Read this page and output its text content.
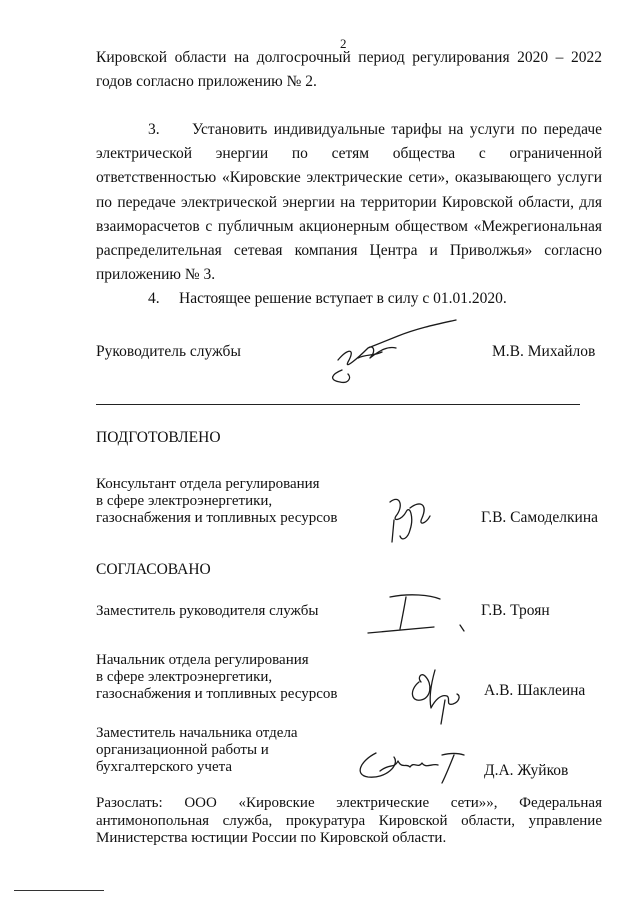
2

Кировской области на долгосрочный период регулирования 2020 – 2022 годов согласно приложению № 2.

3. Установить индивидуальные тарифы на услуги по передаче электрической энергии по сетям общества с ограниченной ответственностью «Кировские электрические сети», оказывающего услуги по передаче электрической энергии на территории Кировской области, для взаиморасчетов с публичным акционерным обществом «Межрегиональная распределительная сетевая компания Центра и Приволжья» согласно приложению № 3.

4. Настоящее решение вступает в силу с 01.01.2020.

Руководитель службы	М.В. Михайлов
ПОДГОТОВЛЕНО
Консультант отдела регулирования
в сфере электроэнергетики,
газоснабжения и топливных ресурсов	Г.В. Самоделкина
СОГЛАСОВАНО
Заместитель руководителя службы	Г.В. Троян
Начальник отдела регулирования
в сфере электроэнергетики,
газоснабжения и топливных ресурсов	А.В. Шаклеина
Заместитель начальника отдела
организационной работы и
бухгалтерского учета	Д.А. Жуйков

Разослать: ООО «Кировские электрические сети»», Федеральная антимонопольная служба, прокуратура Кировской области, управление Министерства юстиции России по Кировской области.
